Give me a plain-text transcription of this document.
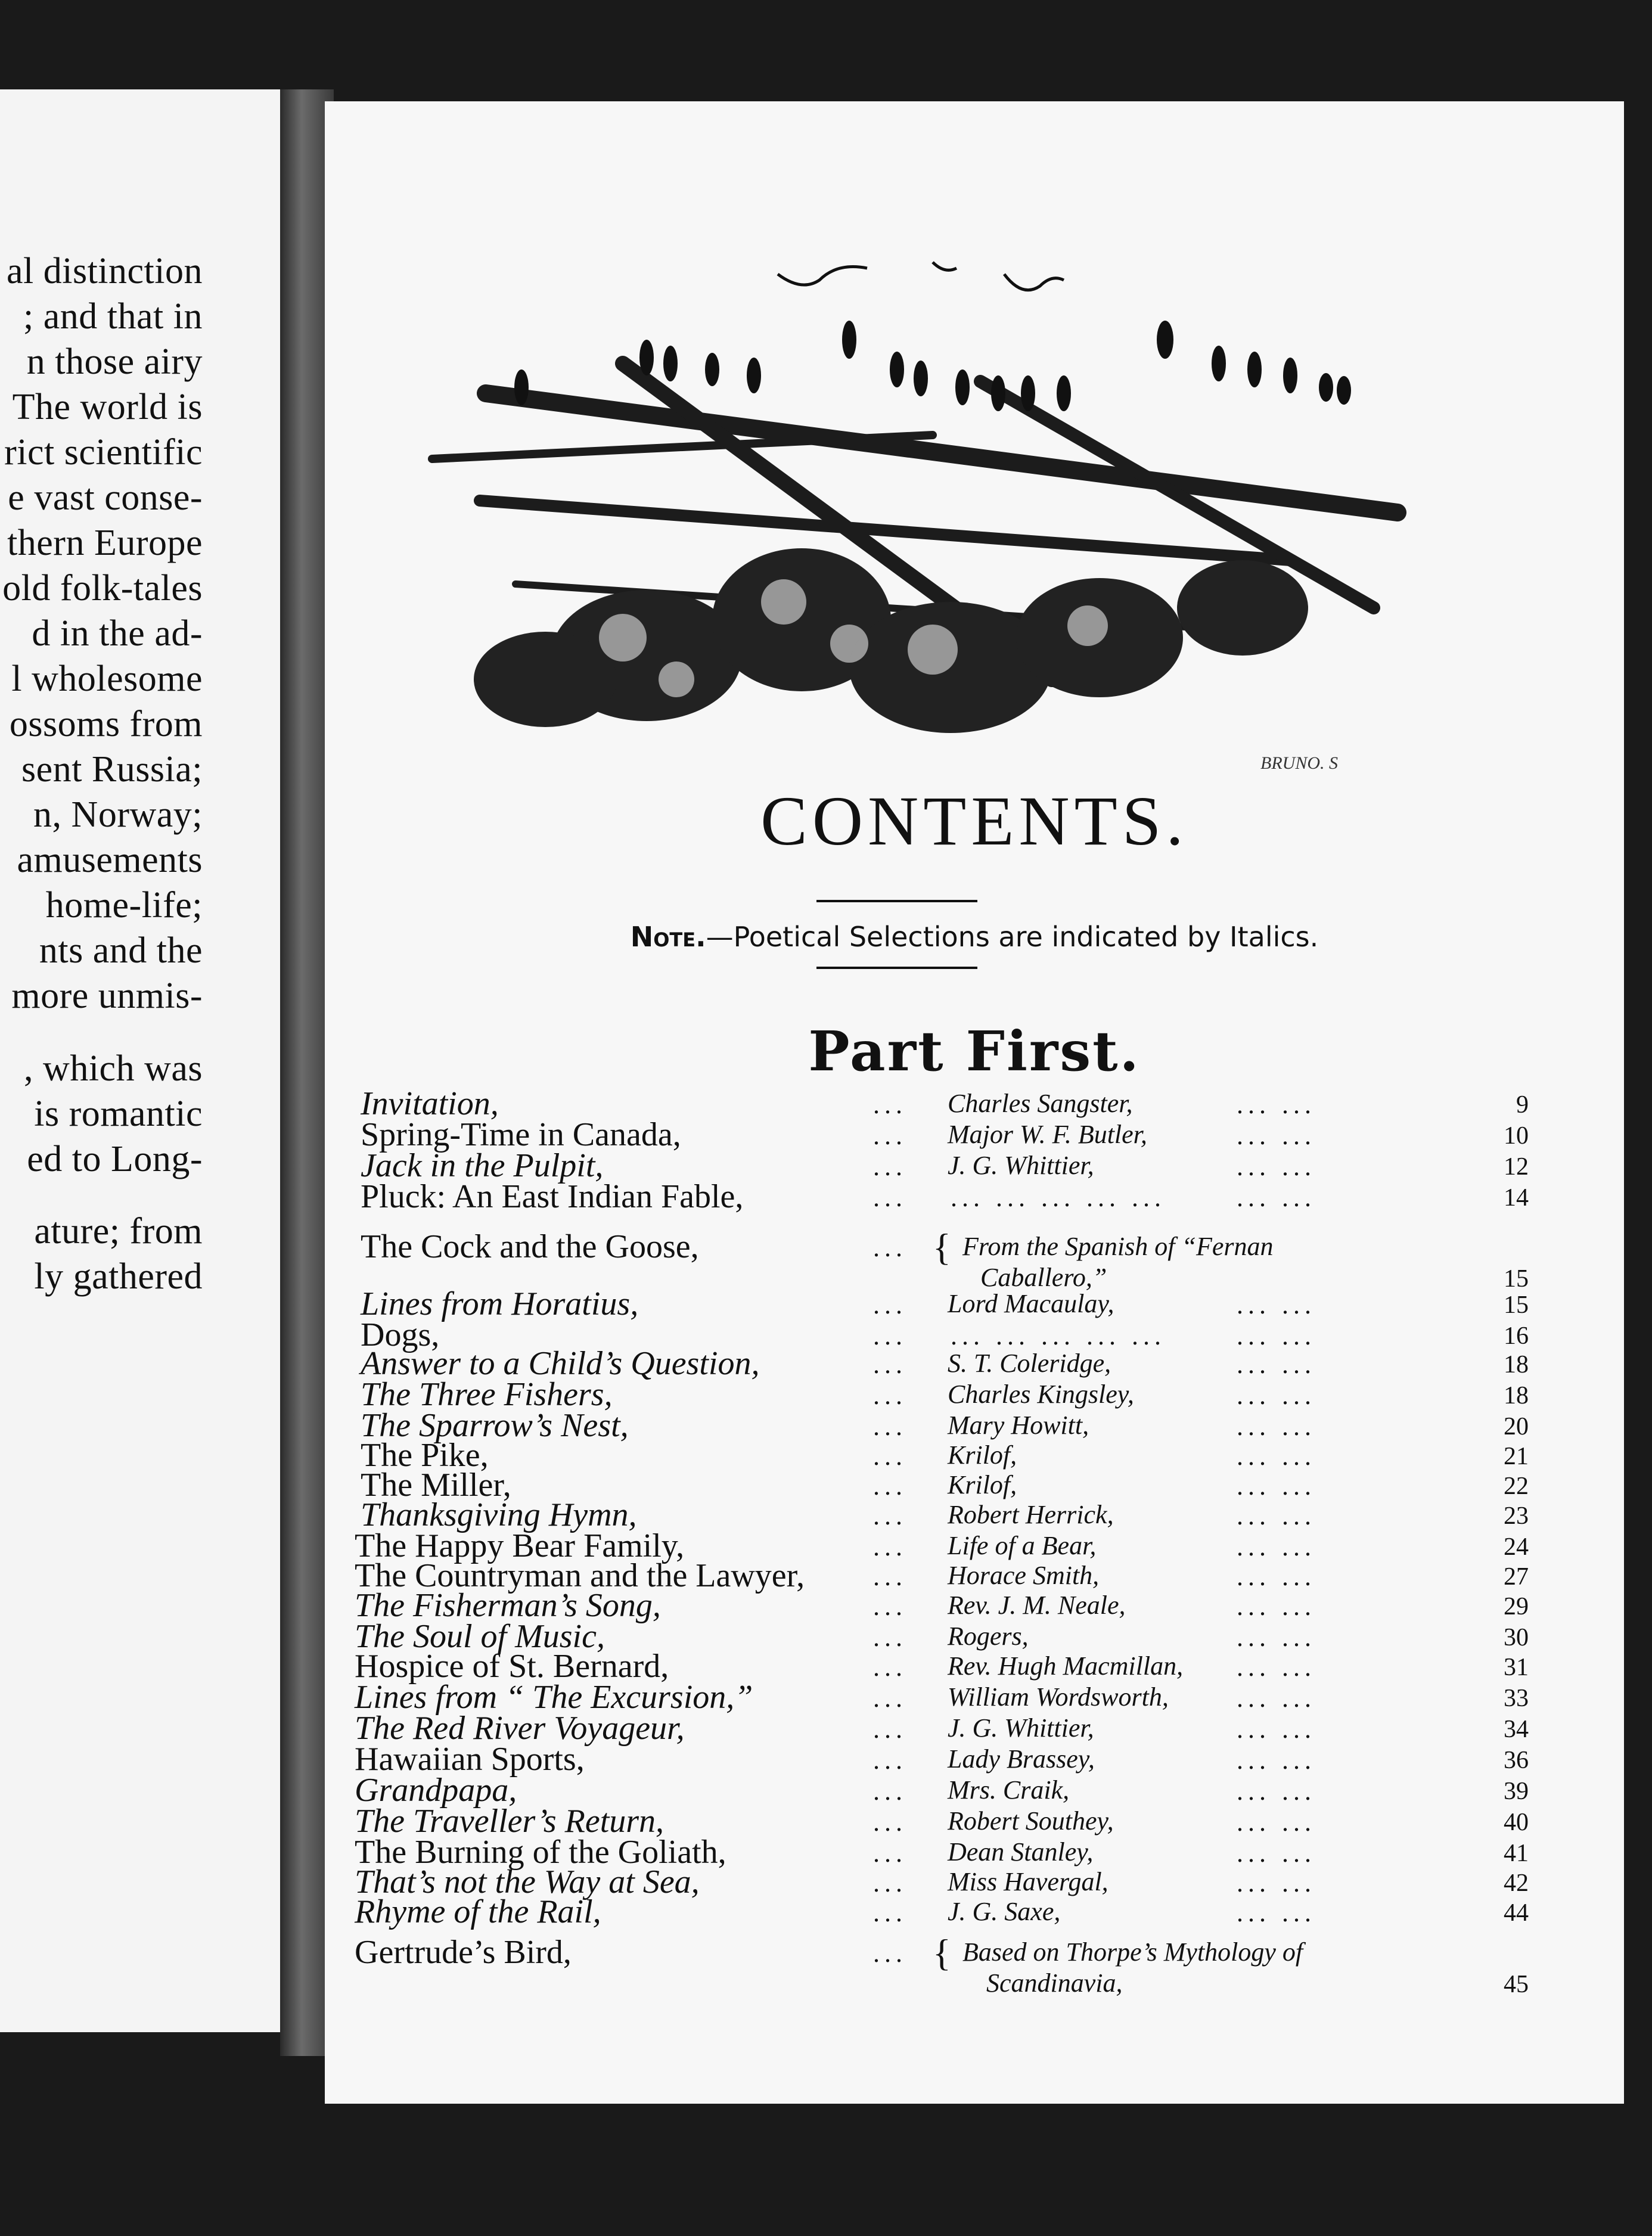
al distinction
; and that in
n those airy
The world is
rict scientific
e vast conse-
thern Europe
old folk-tales
d in the ad-
l wholesome
ossoms from
sent Russia;
n, Norway;
amusements
home-life;
nts and the
more unmis-
, which was
is romantic
ed to Long-
ature; from
ly gathered
BRUNO. S
CONTENTS.
Note.—Poetical Selections are indicated by Italics.
Part First.
Invitation,	... Charles Sangster,	... ...	9
Spring-Time in Canada,	... Major W. F. Butler,	... ...	10
Jack in the Pulpit,	... J. G. Whittier,	... ...	12
Pluck: An East Indian Fable,	... ... ... ... ... ...	... ...	14
The Cock and the Goose,	... { From the Spanish of “Fernan
Caballero,”	15
Lines from Horatius,	... Lord Macaulay,	... ...	15
Dogs,	... ... ... ... ... ...	... ...	16
Answer to a Child’s Question,	... S. T. Coleridge,	... ...	18
The Three Fishers,	... Charles Kingsley,	... ...	18
The Sparrow’s Nest,	... Mary Howitt,	... ...	20
The Pike,	... Krilof,	... ...	21
The Miller,	... Krilof,	... ...	22
Thanksgiving Hymn,	... Robert Herrick,	... ...	23
The Happy Bear Family,	... Life of a Bear,	... ...	24
The Countryman and the Lawyer,	... Horace Smith,	... ...	27
The Fisherman’s Song,	... Rev. J. M. Neale,	... ...	29
The Soul of Music,	... Rogers,	... ...	30
Hospice of St. Bernard,	... Rev. Hugh Macmillan, ... ...	31
Lines from “ The Excursion,”	... William Wordsworth,	... ...	33
The Red River Voyageur,	... J. G. Whittier,	... ...	34
Hawaiian Sports,	... Lady Brassey,	... ...	36
Grandpapa,	... Mrs. Craik,	... ...	39
The Traveller’s Return,	... Robert Southey,	... ...	40
The Burning of the Goliath,	... Dean Stanley,	... ...	41
That’s not the Way at Sea,	... Miss Havergal,	... ...	42
Rhyme of the Rail,	... J. G. Saxe,	... ...	44
Gertrude’s Bird,	... { Based on Thorpe’s Mythology of
Scandinavia,	45
